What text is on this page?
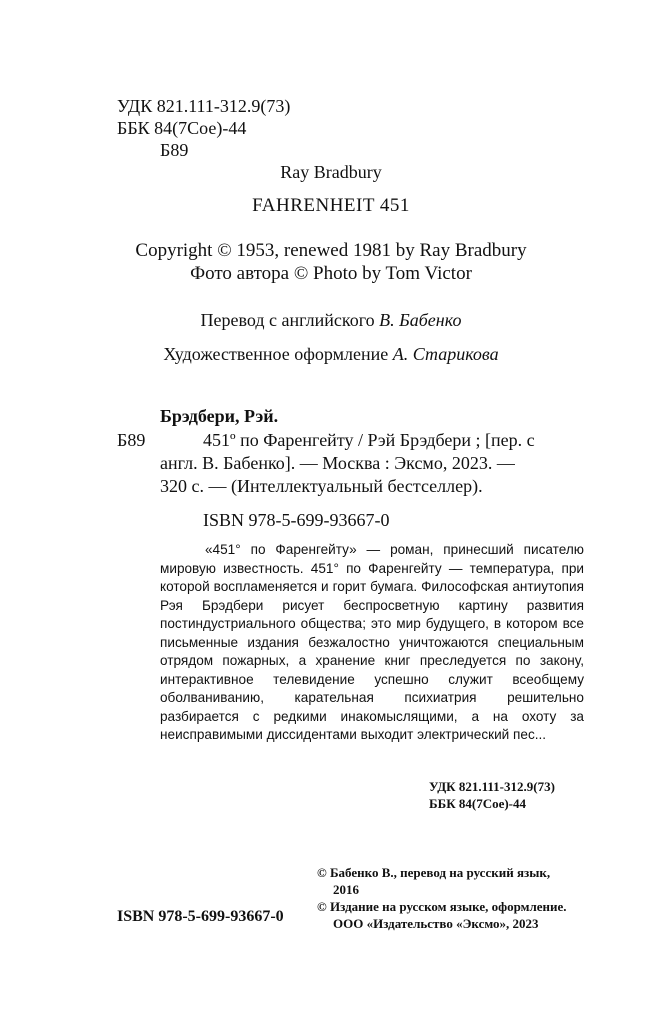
УДК 821.111-312.9(73)
ББК 84(7Сое)-44
Б89
Ray Bradbury
FAHRENHEIT 451
Copyright © 1953, renewed 1981 by Ray Bradbury
Фото автора © Photo by Tom Victor
Перевод с английского В. Бабенко
Художественное оформление А. Старикова
Брэдбери, Рэй.
Б89	451º по Фаренгейту / Рэй Брэдбери ; [пер. с
англ. В. Бабенко]. — Москва : Эксмо, 2023. —
320 с. — (Интеллектуальный бестселлер).
ISBN 978-5-699-93667-0

«451° по Фаренгейту» — роман, принесший писателю мировую известность. 451° по Фаренгейту — температура, при которой воспламеняется и горит бумага. Философская антиутопия Рэя Брэдбери рисует беспросветную картину развития постиндустриального общества; это мир будущего, в котором все письменные издания безжалостно уничтожаются специальным отрядом пожарных, а хранение книг преследуется по закону, интерактивное телевидение успешно служит всеобщему оболваниванию, карательная психиатрия решительно разбирается с редкими инакомыслящими, а на охоту за неисправимыми диссидентами выходит электрический пес...

УДК 821.111-312.9(73)
ББК 84(7Сое)-44
© Бабенко В., перевод на русский язык,
2016
© Издание на русском языке, оформление.
ООО «Издательство «Эксмо», 2023
ISBN 978-5-699-93667-0
